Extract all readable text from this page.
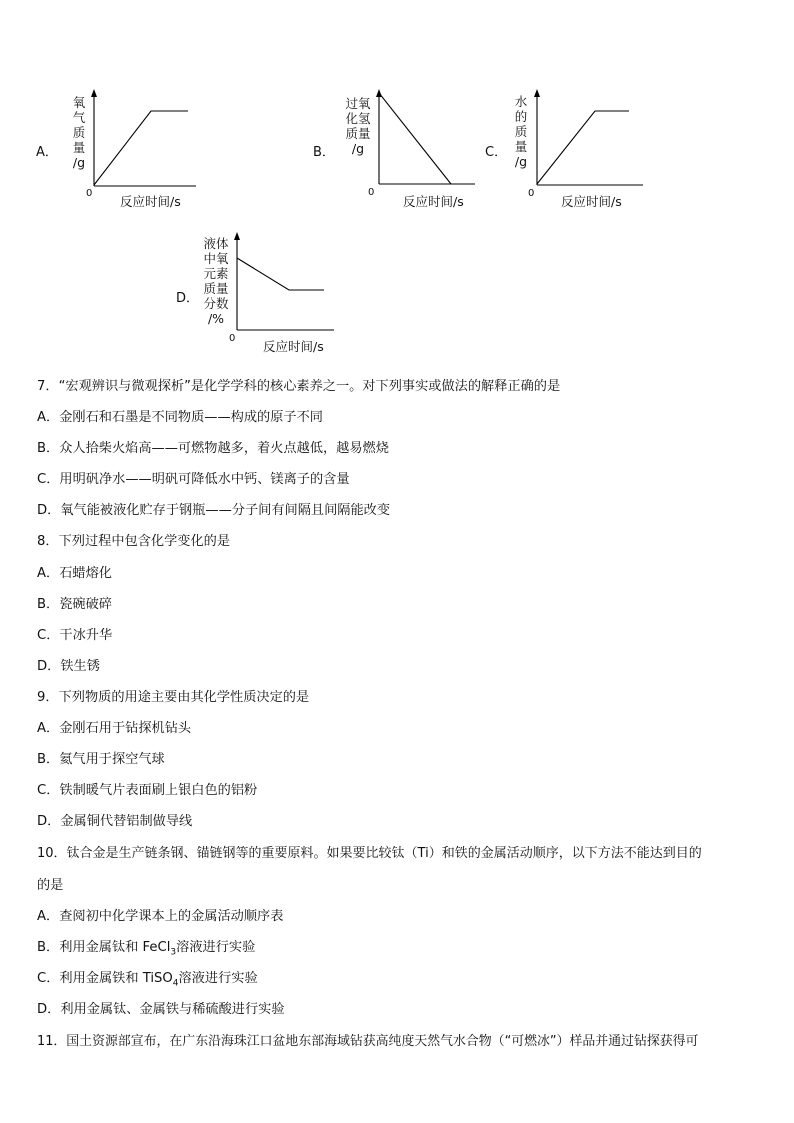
A．
氧
气
质
量
/g
0
反应时间/s
B．
过氧
化氢
质量
/g
0
反应时间/s
C．
水
的
质
量
/g
0
反应时间/s
D．
液体
中氧
元素
质量
分数
/%
0
反应时间/s
7．“宏观辨识与微观探析”是化学学科的核心素养之一。对下列事实或做法的解释正确的是
A．金刚石和石墨是不同物质——构成的原子不同
B．众人拾柴火焰高——可燃物越多，着火点越低，越易燃烧
C．用明矾净水——明矾可降低水中钙、镁离子的含量
D．氧气能被液化贮存于钢瓶——分子间有间隔且间隔能改变
8．下列过程中包含化学变化的是
A．石蜡熔化
B．瓷碗破碎
C．干冰升华
D．铁生锈
9．下列物质的用途主要由其化学性质决定的是
A．金刚石用于钻探机钻头
B．氦气用于探空气球
C．铁制暖气片表面刷上银白色的铝粉
D．金属铜代替铝制做导线
10．钛合金是生产链条钢、锚链钢等的重要原料。如果要比较钛（Ti）和铁的金属活动顺序，以下方法不能达到目的
的是
A．查阅初中化学课本上的金属活动顺序表
B．利用金属钛和 FeCl$_3$溶液进行实验
C．利用金属铁和 TiSO$_4$溶液进行实验
D．利用金属钛、金属铁与稀硫酸进行实验
11．国土资源部宣布，在广东沿海珠江口盆地东部海域钻获高纯度天然气水合物（“可燃冰”）样品并通过钻探获得可
